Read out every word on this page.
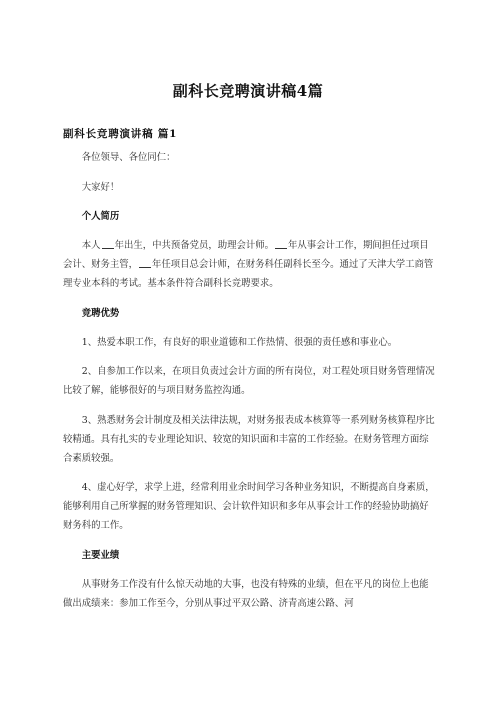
副科长竞聘演讲稿4篇
副科长竞聘演讲稿 篇1

各位领导、各位同仁：

大家好！

个人简历

本人 年出生，中共预备党员，助理会计师。 年从事会计工作，期间担任过项目会计、财务主管， 年任项目总会计师，在财务科任副科长至今。通过了天津大学工商管理专业本科的考试。基本条件符合副科长竞聘要求。

竞聘优势

1、热爱本职工作，有良好的职业道德和工作热情、很强的责任感和事业心。

2、自参加工作以来，在项目负责过会计方面的所有岗位，对工程处项目财务管理情况比较了解，能够很好的与项目财务监控沟通。

3、熟悉财务会计制度及相关法律法规，对财务报表成本核算等一系列财务核算程序比较精通。具有扎实的专业理论知识、较宽的知识面和丰富的工作经验。在财务管理方面综合素质较强。

4、虚心好学，求学上进，经常利用业余时间学习各种业务知识，不断提高自身素质，能够利用自己所掌握的财务管理知识、会计软件知识和多年从事会计工作的经验协助搞好财务科的工作。

主要业绩

从事财务工作没有什么惊天动地的大事，也没有特殊的业绩，但在平凡的岗位上也能做出成绩来：参加工作至今，分别从事过平双公路、济青高速公路、河
